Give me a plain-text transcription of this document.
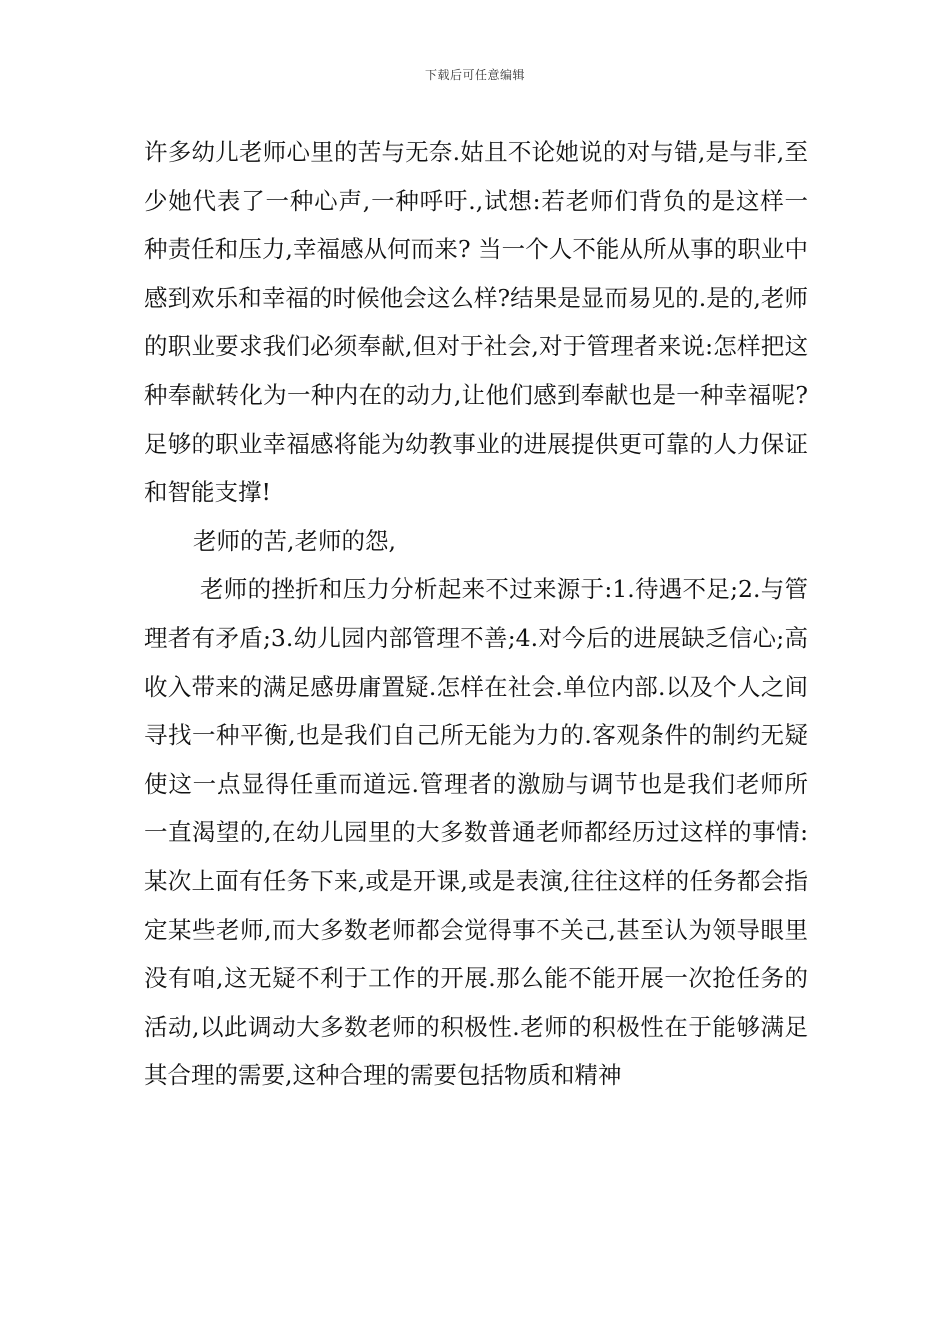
下载后可任意编辑

许多幼儿老师心里的苦与无奈.姑且不论她说的对与错,是与非,至少她代表了一种心声,一种呼吁.,试想:若老师们背负的是这样一种责任和压力,幸福感从何而来? 当一个人不能从所从事的职业中感到欢乐和幸福的时候他会这么样?结果是显而易见的.是的,老师的职业要求我们必须奉献,但对于社会,对于管理者来说:怎样把这种奉献转化为一种内在的动力,让他们感到奉献也是一种幸福呢?足够的职业幸福感将能为幼教事业的进展提供更可靠的人力保证和智能支撑!

老师的苦,老师的怨,

老师的挫折和压力分析起来不过来源于:1.待遇不足;2.与管理者有矛盾;3.幼儿园内部管理不善;4.对今后的进展缺乏信心;高收入带来的满足感毋庸置疑.怎样在社会.单位内部.以及个人之间寻找一种平衡,也是我们自己所无能为力的.客观条件的制约无疑使这一点显得任重而道远.管理者的激励与调节也是我们老师所一直渴望的,在幼儿园里的大多数普通老师都经历过这样的事情:某次上面有任务下来,或是开课,或是表演,往往这样的任务都会指定某些老师,而大多数老师都会觉得事不关己,甚至认为领导眼里没有咱,这无疑不利于工作的开展.那么能不能开展一次抢任务的活动,以此调动大多数老师的积极性.老师的积极性在于能够满足其合理的需要,这种合理的需要包括物质和精神
